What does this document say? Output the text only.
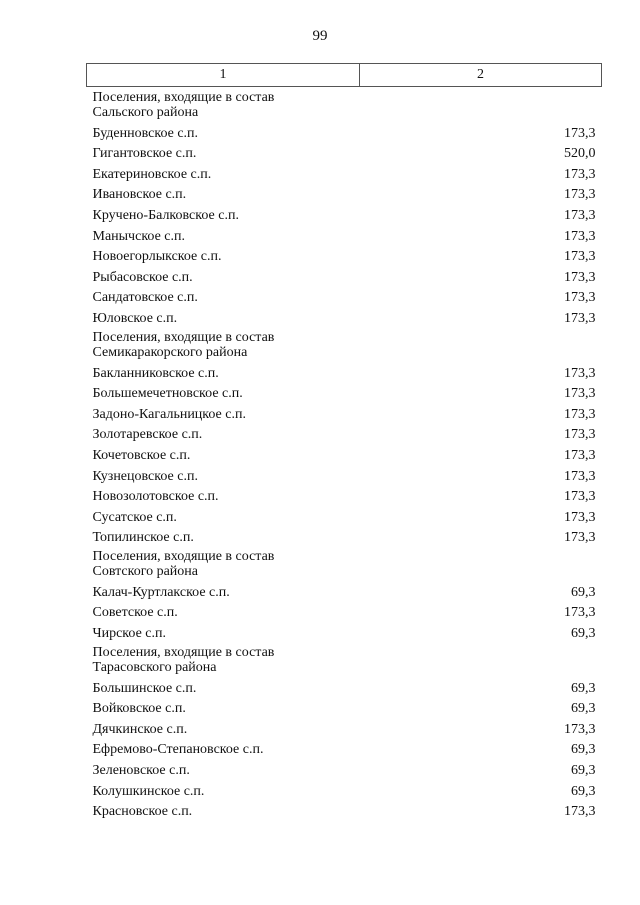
99
1	2

Поселения, входящие в состав
Сальского района	

Буденновское с.п.	173,3
Гигантовское с.п.	520,0
Екатериновское с.п.	173,3
Ивановское с.п.	173,3
Кручено-Балковское с.п.	173,3
Манычское с.п.	173,3
Новоегорлыкское с.п.	173,3
Рыбасовское с.п.	173,3
Сандатовское с.п.	173,3
Юловское с.п.	173,3

Поселения, входящие в состав
Семикаракорского района	

Бакланниковское с.п.	173,3
Большемечетновское с.п.	173,3
Задоно-Кагальницкое с.п.	173,3
Золотаревское с.п.	173,3
Кочетовское с.п.	173,3
Кузнецовское с.п.	173,3
Новозолотовское с.п.	173,3
Сусатское с.п.	173,3
Топилинское с.п.	173,3

Поселения, входящие в состав
Совтского района	

Калач-Куртлакское с.п.	69,3
Советское с.п.	173,3
Чирское с.п.	69,3

Поселения, входящие в состав
Тарасовского района	

Большинское с.п.	69,3
Войковское с.п.	69,3
Дячкинское с.п.	173,3
Ефремово-Степановское с.п.	69,3
Зеленовское с.п.	69,3
Колушкинское с.п.	69,3
Красновское с.п.	173,3
